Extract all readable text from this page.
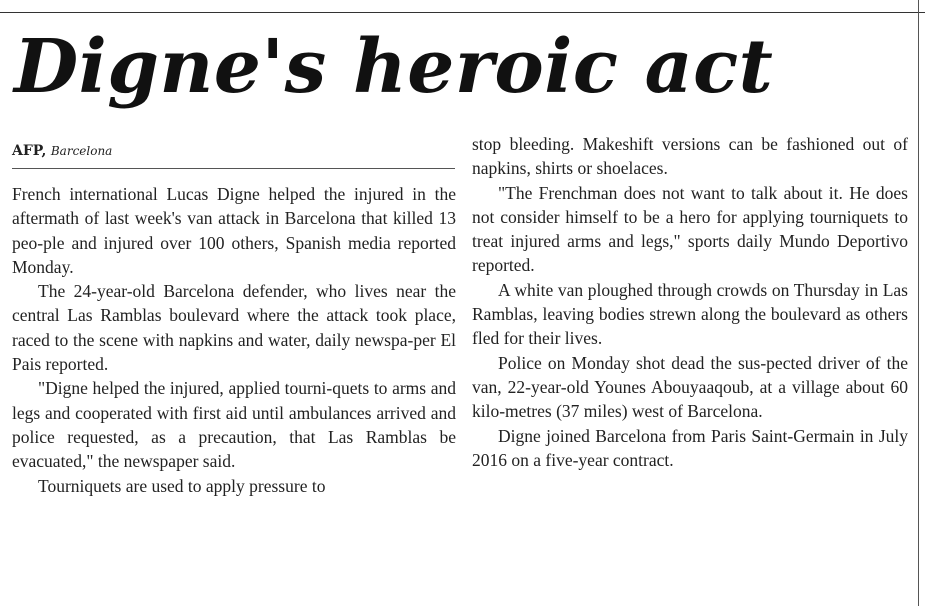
Digne's heroic act
AFP, Barcelona

French international Lucas Digne helped the injured in the aftermath of last week's van attack in Barcelona that killed 13 peo-ple and injured over 100 others, Spanish media reported Monday.

The 24-year-old Barcelona defender, who lives near the central Las Ramblas boulevard where the attack took place, raced to the scene with napkins and water, daily newspa-per El Pais reported.

"Digne helped the injured, applied tourni-quets to arms and legs and cooperated with first aid until ambulances arrived and police requested, as a precaution, that Las Ramblas be evacuated," the newspaper said.

Tourniquets are used to apply pressure to

stop bleeding. Makeshift versions can be fashioned out of napkins, shirts or shoelaces.

"The Frenchman does not want to talk about it. He does not consider himself to be a hero for applying tourniquets to treat injured arms and legs," sports daily Mundo Deportivo reported.

A white van ploughed through crowds on Thursday in Las Ramblas, leaving bodies strewn along the boulevard as others fled for their lives.

Police on Monday shot dead the sus-pected driver of the van, 22-year-old Younes Abouyaaqoub, at a village about 60 kilo-metres (37 miles) west of Barcelona.

Digne joined Barcelona from Paris Saint-Germain in July 2016 on a five-year contract.
